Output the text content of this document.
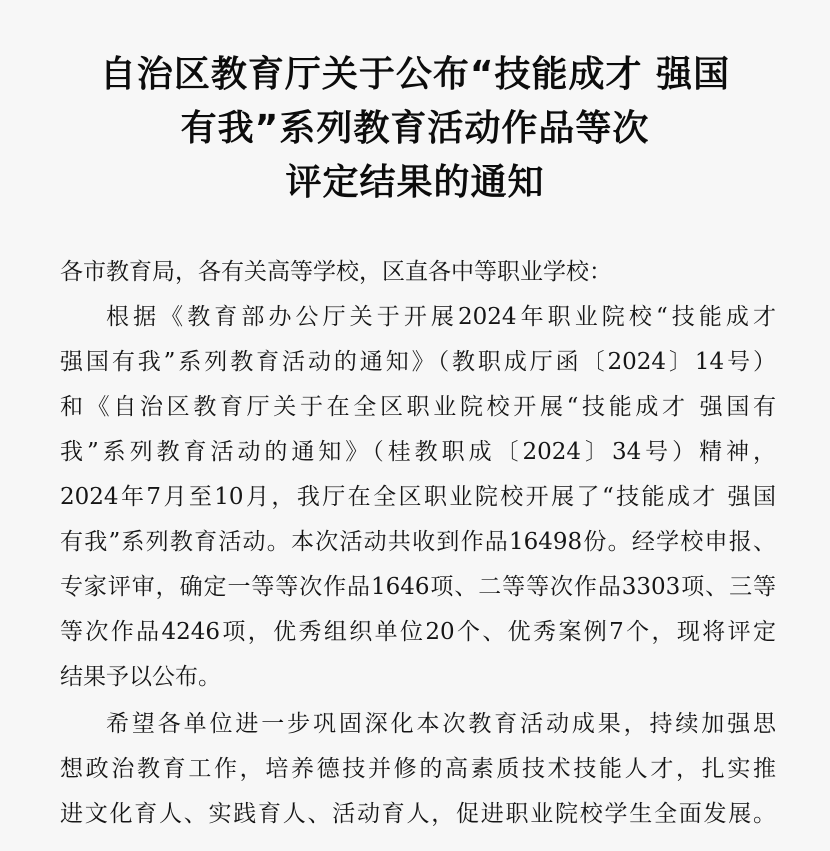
自治区教育厅关于公布“技能成才 强国
有我”系列教育活动作品等次
评定结果的通知

各市教育局，各有关高等学校，区直各中等职业学校：

根据《教育部办公厅关于开展2024年职业院校“技能成才
强国有我”系列教育活动的通知》（教职成厅函〔2024〕14号）
和《自治区教育厅关于在全区职业院校开展“技能成才 强国有
我”系列教育活动的通知》（桂教职成〔2024〕34号）精神，
2024年7月至10月，我厅在全区职业院校开展了“技能成才 强国
有我”系列教育活动。本次活动共收到作品16498份。经学校申报、
专家评审，确定一等等次作品1646项、二等等次作品3303项、三等
等次作品4246项，优秀组织单位20个、优秀案例7个，现将评定
结果予以公布。
希望各单位进一步巩固深化本次教育活动成果，持续加强思
想政治教育工作，培养德技并修的高素质技术技能人才，扎实推
进文化育人、实践育人、活动育人，促进职业院校学生全面发展。
